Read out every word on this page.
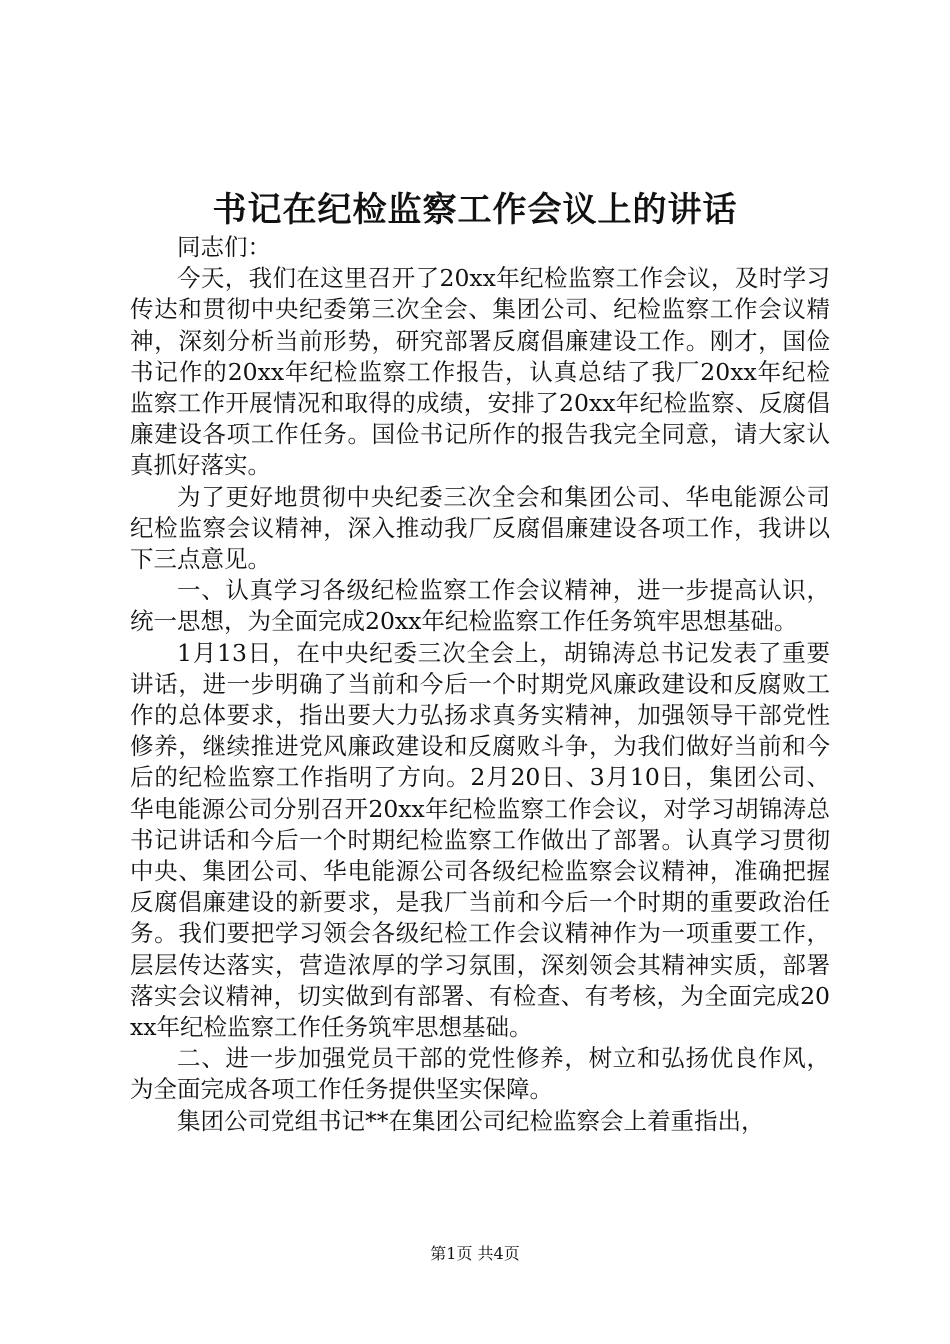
书记在纪检监察工作会议上的讲话

同志们：

今天，我们在这里召开了20xx年纪检监察工作会议，及时学习传达和贯彻中央纪委第三次全会、集团公司、纪检监察工作会议精神，深刻分析当前形势，研究部署反腐倡廉建设工作。刚才，国俭书记作的20xx年纪检监察工作报告，认真总结了我厂20xx年纪检监察工作开展情况和取得的成绩，安排了20xx年纪检监察、反腐倡廉建设各项工作任务。国俭书记所作的报告我完全同意，请大家认真抓好落实。

为了更好地贯彻中央纪委三次全会和集团公司、华电能源公司纪检监察会议精神，深入推动我厂反腐倡廉建设各项工作，我讲以下三点意见。

一、认真学习各级纪检监察工作会议精神，进一步提高认识，统一思想，为全面完成20xx年纪检监察工作任务筑牢思想基础。

1月13日，在中央纪委三次全会上，胡锦涛总书记发表了重要讲话，进一步明确了当前和今后一个时期党风廉政建设和反腐败工作的总体要求，指出要大力弘扬求真务实精神，加强领导干部党性修养，继续推进党风廉政建设和反腐败斗争，为我们做好当前和今后的纪检监察工作指明了方向。2月20日、3月10日，集团公司、华电能源公司分别召开20xx年纪检监察工作会议，对学习胡锦涛总书记讲话和今后一个时期纪检监察工作做出了部署。认真学习贯彻中央、集团公司、华电能源公司各级纪检监察会议精神，准确把握反腐倡廉建设的新要求，是我厂当前和今后一个时期的重要政治任务。我们要把学习领会各级纪检工作会议精神作为一项重要工作，层层传达落实，营造浓厚的学习氛围，深刻领会其精神实质，部署落实会议精神，切实做到有部署、有检查、有考核，为全面完成20xx年纪检监察工作任务筑牢思想基础。

二、进一步加强党员干部的党性修养，树立和弘扬优良作风，为全面完成各项工作任务提供坚实保障。

集团公司党组书记**在集团公司纪检监察会上着重指出，

第1页 共4页
